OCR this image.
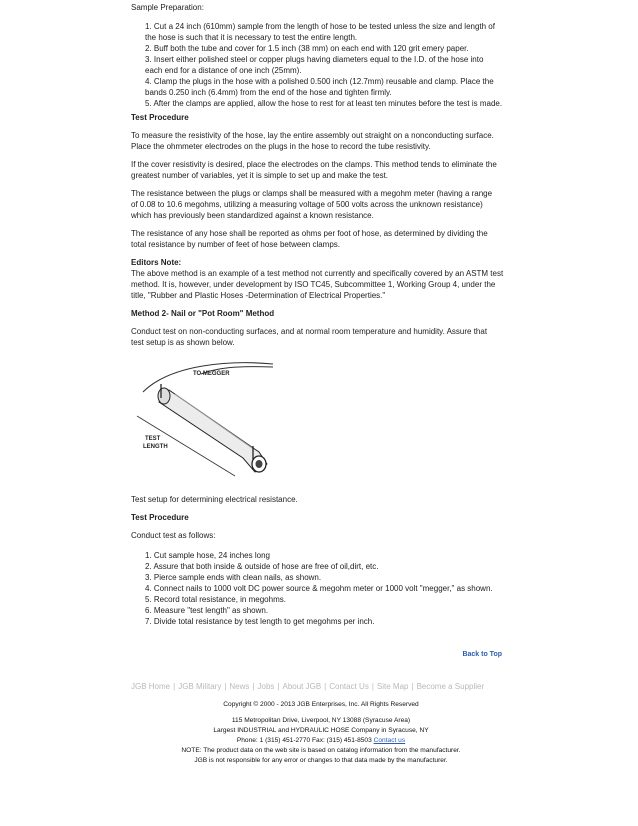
Sample Preparation:

1. Cut a 24 inch (610mm) sample from the length of hose to be tested unless the size and length of
the hose is such that it is necessary to test the entire length.
2. Buff both the tube and cover for 1.5 inch (38 mm) on each end with 120 grit emery paper.
3. Insert either polished steel or copper plugs having diameters equal to the I.D. of the hose into
each end for a distance of one inch (25mm).
4. Clamp the plugs in the hose with a polished 0.500 inch (12.7mm) reusable and clamp. Place the
bands 0.250 inch (6.4mm) from the end of the hose and tighten firmly.
5. After the clamps are applied, allow the hose to rest for at least ten minutes before the test is made.

Test Procedure

To measure the resistivity of the hose, lay the entire assembly out straight on a nonconducting surface.

Place the ohmmeter electrodes on the plugs in the hose to record the tube resistivity.

If the cover resistivity is desired, place the electrodes on the clamps. This method tends to eliminate the

greatest number of variables, yet it is simple to set up and make the test.

The resistance between the plugs or clamps shall be measured with a megohm meter (having a range

of 0.08 to 10.6 megohms, utilizing a measuring voltage of 500 volts across the unknown resistance)

which has previously been standardized against a known resistance.

The resistance of any hose shall be reported as ohms per foot of hose, as determined by dividing the

total resistance by number of feet of hose between clamps.

Editors Note:

The above method is an example of a test method not currently and specifically covered by an ASTM test

method. It is, however, under development by ISO TC45, Subcommittee 1, Working Group 4, under the

title, "Rubber and Plastic Hoses -Determination of Electrical Properties."

Method 2- Nail or "Pot Room" Method

Conduct test on non-conducting surfaces, and at normal room temperature and humidity. Assure that

test setup is as shown below.

TO MEGGER
TEST
LENGTH

Test setup for determining electrical resistance.

Test Procedure

Conduct test as follows:

1. Cut sample hose, 24 inches long
2. Assure that both inside & outside of hose are free of oil,dirt, etc.
3. Pierce sample ends with clean nails, as shown.
4. Connect nails to 1000 volt DC power source & megohm meter or 1000 volt "megger," as shown.
5. Record total resistance, in megohms.
6. Measure "test length" as shown.
7. Divide total resistance by test length to get megohms per inch.
Back to Top
JGB Home | JGB Military | News | Jobs | About JGB | Contact Us | Site Map | Become a Supplier
Copyright © 2000 - 2013 JGB Enterprises, Inc. All Rights Reserved
115 Metropolitan Drive, Liverpool, NY 13088 (Syracuse Area)
Largest INDUSTRIAL and HYDRAULIC HOSE Company in Syracuse, NY
Phone: 1 (315) 451-2770 Fax: (315) 451-8503 Contact us
NOTE: The product data on the web site is based on catalog information from the manufacturer.
JGB is not responsible for any error or changes to that data made by the manufacturer.
